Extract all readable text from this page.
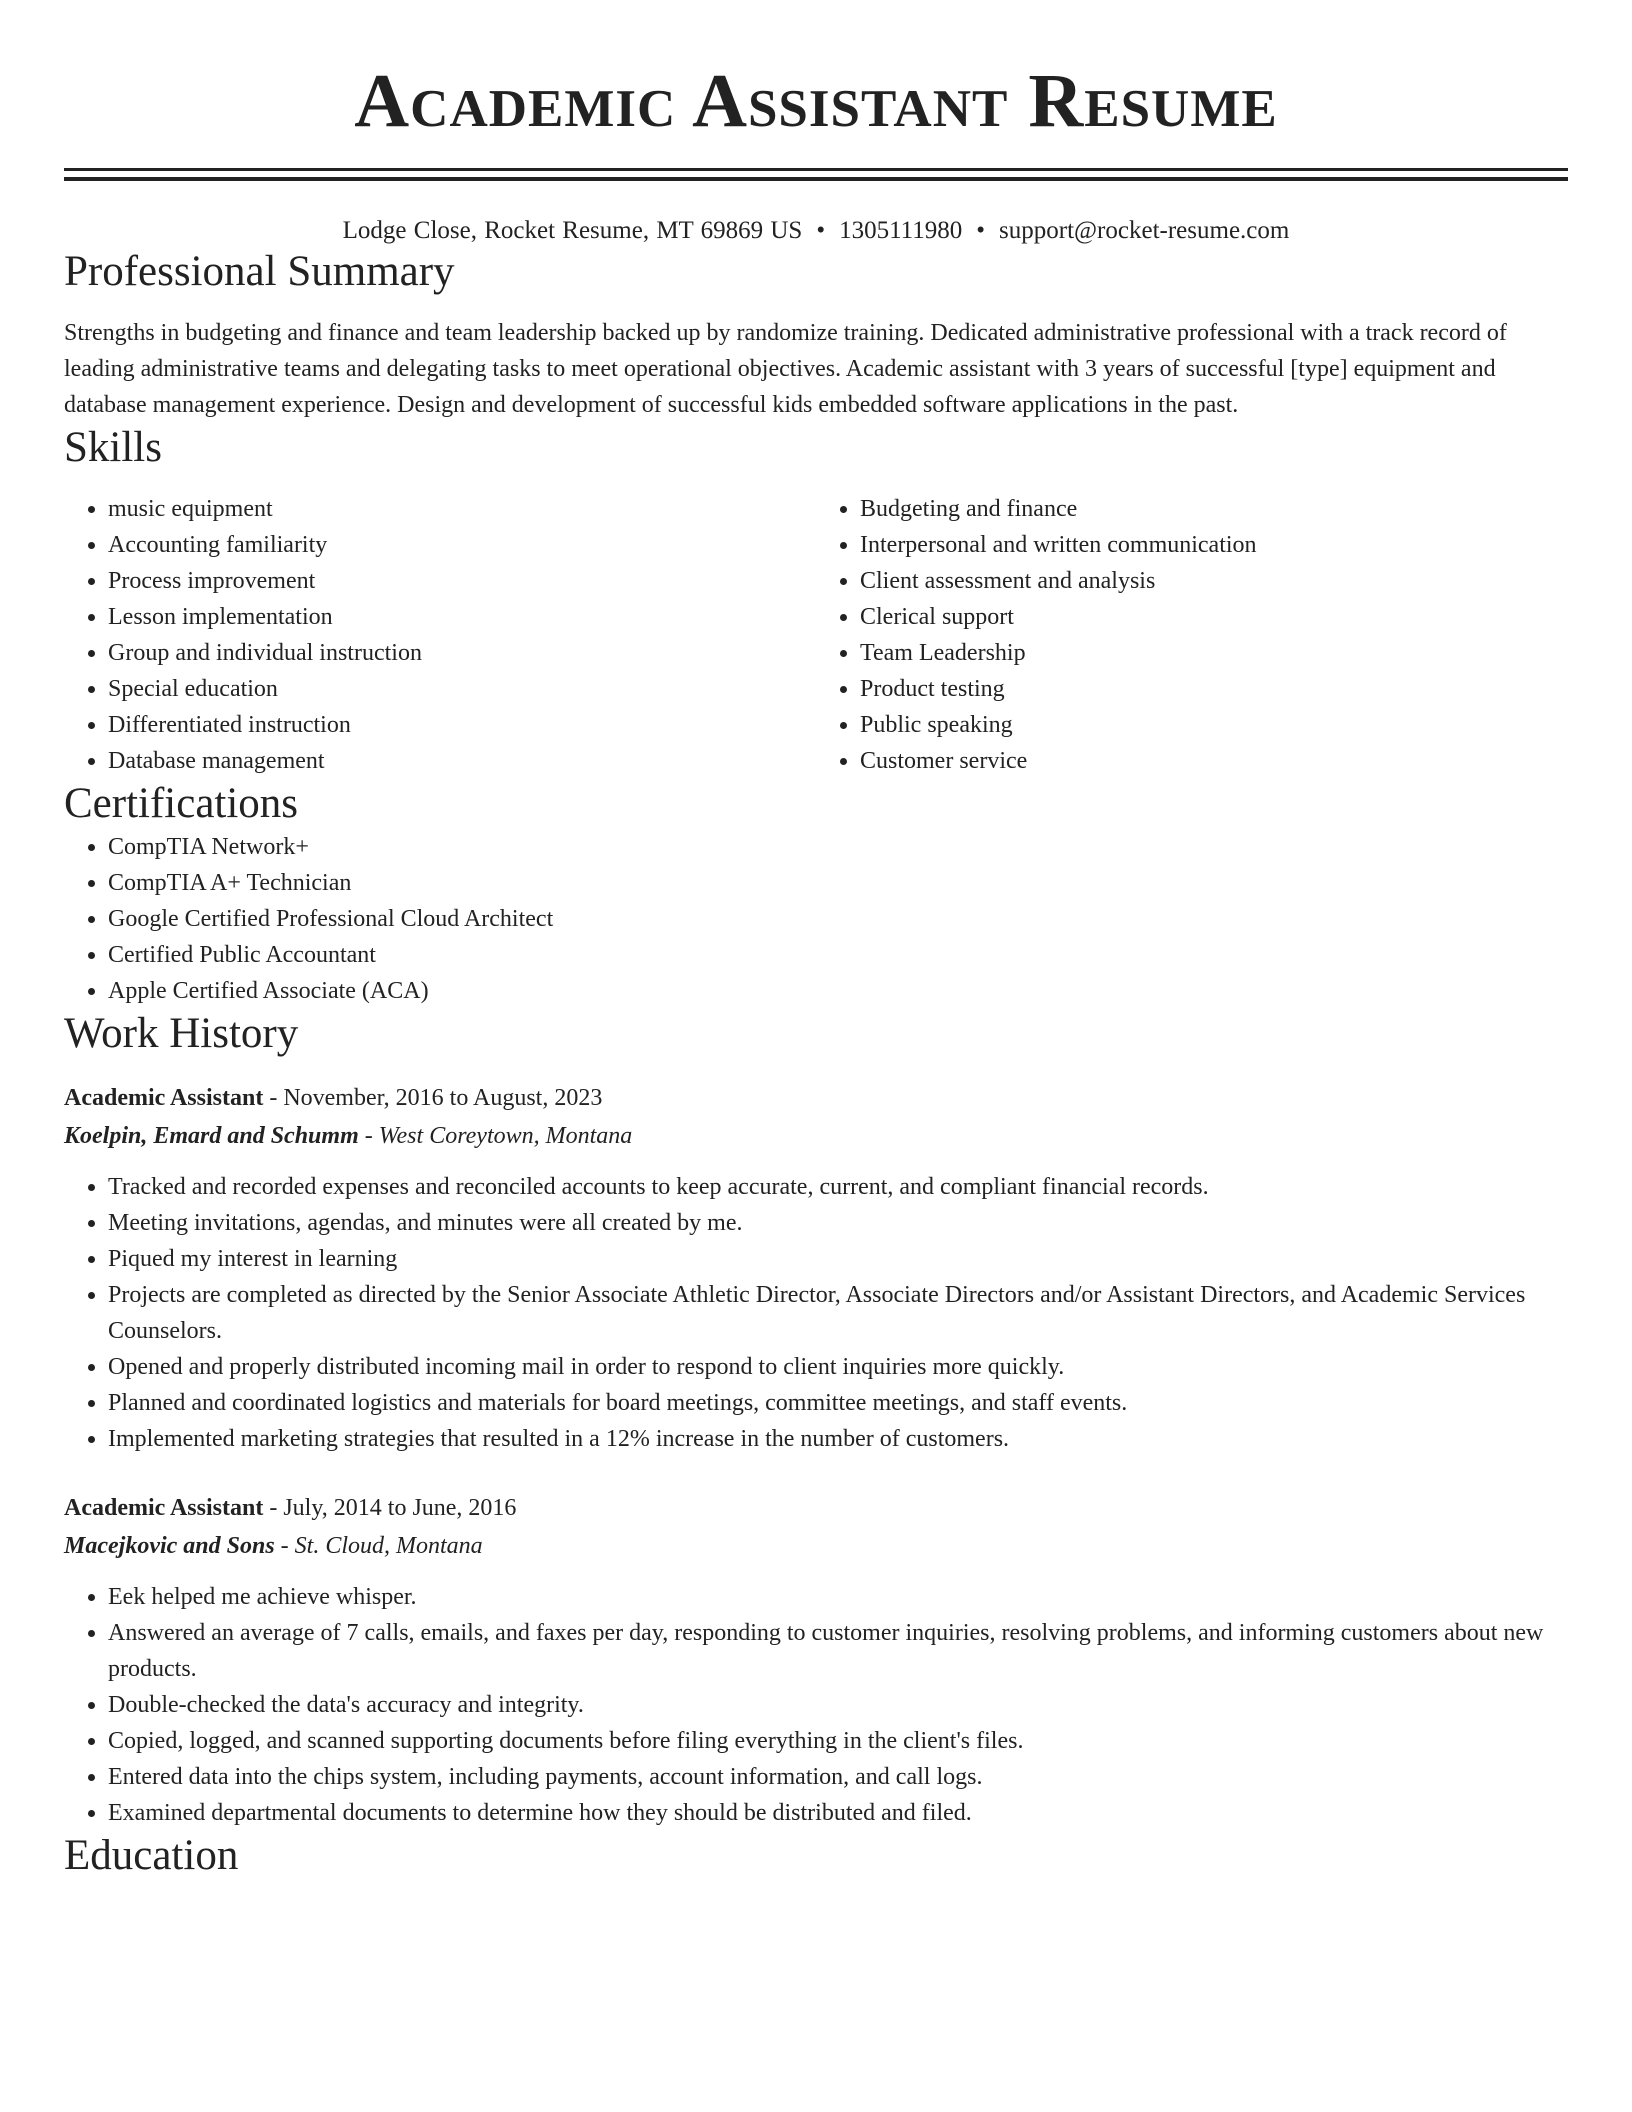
Academic Assistant Resume
Lodge Close, Rocket Resume, MT 69869 US • 1305111980 • support@rocket-resume.com
Professional Summary

Strengths in budgeting and finance and team leadership backed up by randomize training. Dedicated administrative professional with a track record of leading administrative teams and delegating tasks to meet operational objectives. Academic assistant with 3 years of successful [type] equipment and database management experience. Design and development of successful kids embedded software applications in the past.

Skills
• music equipment
• Accounting familiarity
• Process improvement
• Lesson implementation
• Group and individual instruction
• Special education
• Differentiated instruction
• Database management
• Budgeting and finance
• Interpersonal and written communication
• Client assessment and analysis
• Clerical support
• Team Leadership
• Product testing
• Public speaking
• Customer service
Certifications
• CompTIA Network+
• CompTIA A+ Technician
• Google Certified Professional Cloud Architect
• Certified Public Accountant
• Apple Certified Associate (ACA)
Work History
Academic Assistant - November, 2016 to August, 2023
Koelpin, Emard and Schumm - West Coreytown, Montana
• Tracked and recorded expenses and reconciled accounts to keep accurate, current, and compliant financial records.
• Meeting invitations, agendas, and minutes were all created by me.
• Piqued my interest in learning
• Projects are completed as directed by the Senior Associate Athletic Director, Associate Directors and/or Assistant Directors, and Academic Services Counselors.
• Opened and properly distributed incoming mail in order to respond to client inquiries more quickly.
• Planned and coordinated logistics and materials for board meetings, committee meetings, and staff events.
• Implemented marketing strategies that resulted in a 12% increase in the number of customers.
Academic Assistant - July, 2014 to June, 2016
Macejkovic and Sons - St. Cloud, Montana
• Eek helped me achieve whisper.
• Answered an average of 7 calls, emails, and faxes per day, responding to customer inquiries, resolving problems, and informing customers about new products.
• Double-checked the data's accuracy and integrity.
• Copied, logged, and scanned supporting documents before filing everything in the client's files.
• Entered data into the chips system, including payments, account information, and call logs.
• Examined departmental documents to determine how they should be distributed and filed.
Education
